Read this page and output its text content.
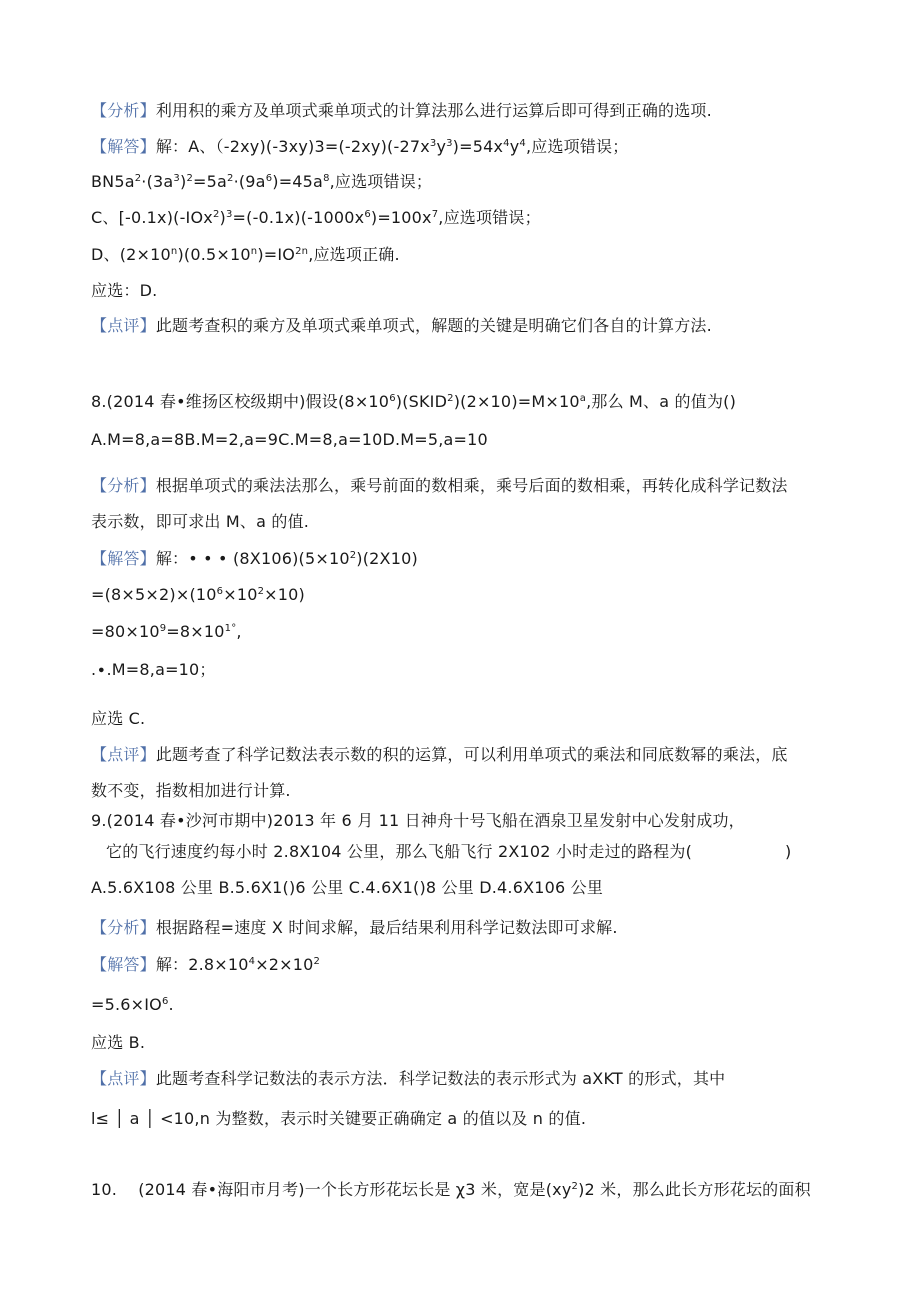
【分析】利用积的乘方及单项式乘单项式的计算法那么进行运算后即可得到正确的选项.
【解答】解：A、$(-2xy)(-3xy)3=(-2xy)(-27x^3y^3)=54x^4y^4$,应选项错误；
$BN5a^2\cdot(3a^3)^2=5a^2\cdot(9a^6)=45a^8$,应选项错误；
C、$[-0.1x)(-IOx^2)^3=(-0.1x)(-1000x^6)=100x^7$,应选项错误；
D、$(2\times 10^n)(0.5\times 10^n)=IO^{2n}$,应选项正确.
应选：D.
【点评】此题考查积的乘方及单项式乘单项式，解题的关键是明确它们各自的计算方法.
8.(2014 春•维扬区校级期中)假设$(8\times 10^6)(SKID^2)(2\times 10)=M\times 10^a$,那么 M、a 的值为()
A.M=8,a=8B.M=2,a=9C.M=8,a=10D.M=5,a=10
【分析】根据单项式的乘法法那么，乘号前面的数相乘，乘号后面的数相乘，再转化成科学记数法
表示数，即可求出 M、a 的值.
【解答】解：• • • $(8X106)(5\times 10^2)(2X10)$
$=(8\times 5\times 2)\times(10^6\times 10^2\times 10)$
$=80\times 10^9=8\times 10^{1^\circ}$,
.∙.M=8,a=10；
应选 C.
【点评】此题考查了科学记数法表示数的积的运算，可以利用单项式的乘法和同底数幂的乘法，底
数不变，指数相加进行计算.
9.(2014 春•沙河市期中)2013 年 6 月 11 日神舟十号飞船在酒泉卫星发射中心发射成功，
它的飞行速度约每小时 2.8X104 公里，那么飞船飞行 2X102 小时走过的路程为(	)
A.5.6X108 公里 B.5.6X1()6 公里 C.4.6X1()8 公里 D.4.6X106 公里
【分析】根据路程=速度 X 时间求解，最后结果利用科学记数法即可求解.
【解答】解：$2.8\times 10^4\times 2\times 10^2$
$=5.6\times IO^6$.
应选 B.
【点评】此题考查科学记数法的表示方法．科学记数法的表示形式为 aXKT 的形式，其中
l≤ │ a │ <10,n 为整数，表示时关键要正确确定 a 的值以及 n 的值.
10.    (2014 春•海阳市月考)一个长方形花坛长是 χ3 米，宽是$(xy^2)2$ 米，那么此长方形花坛的面积
